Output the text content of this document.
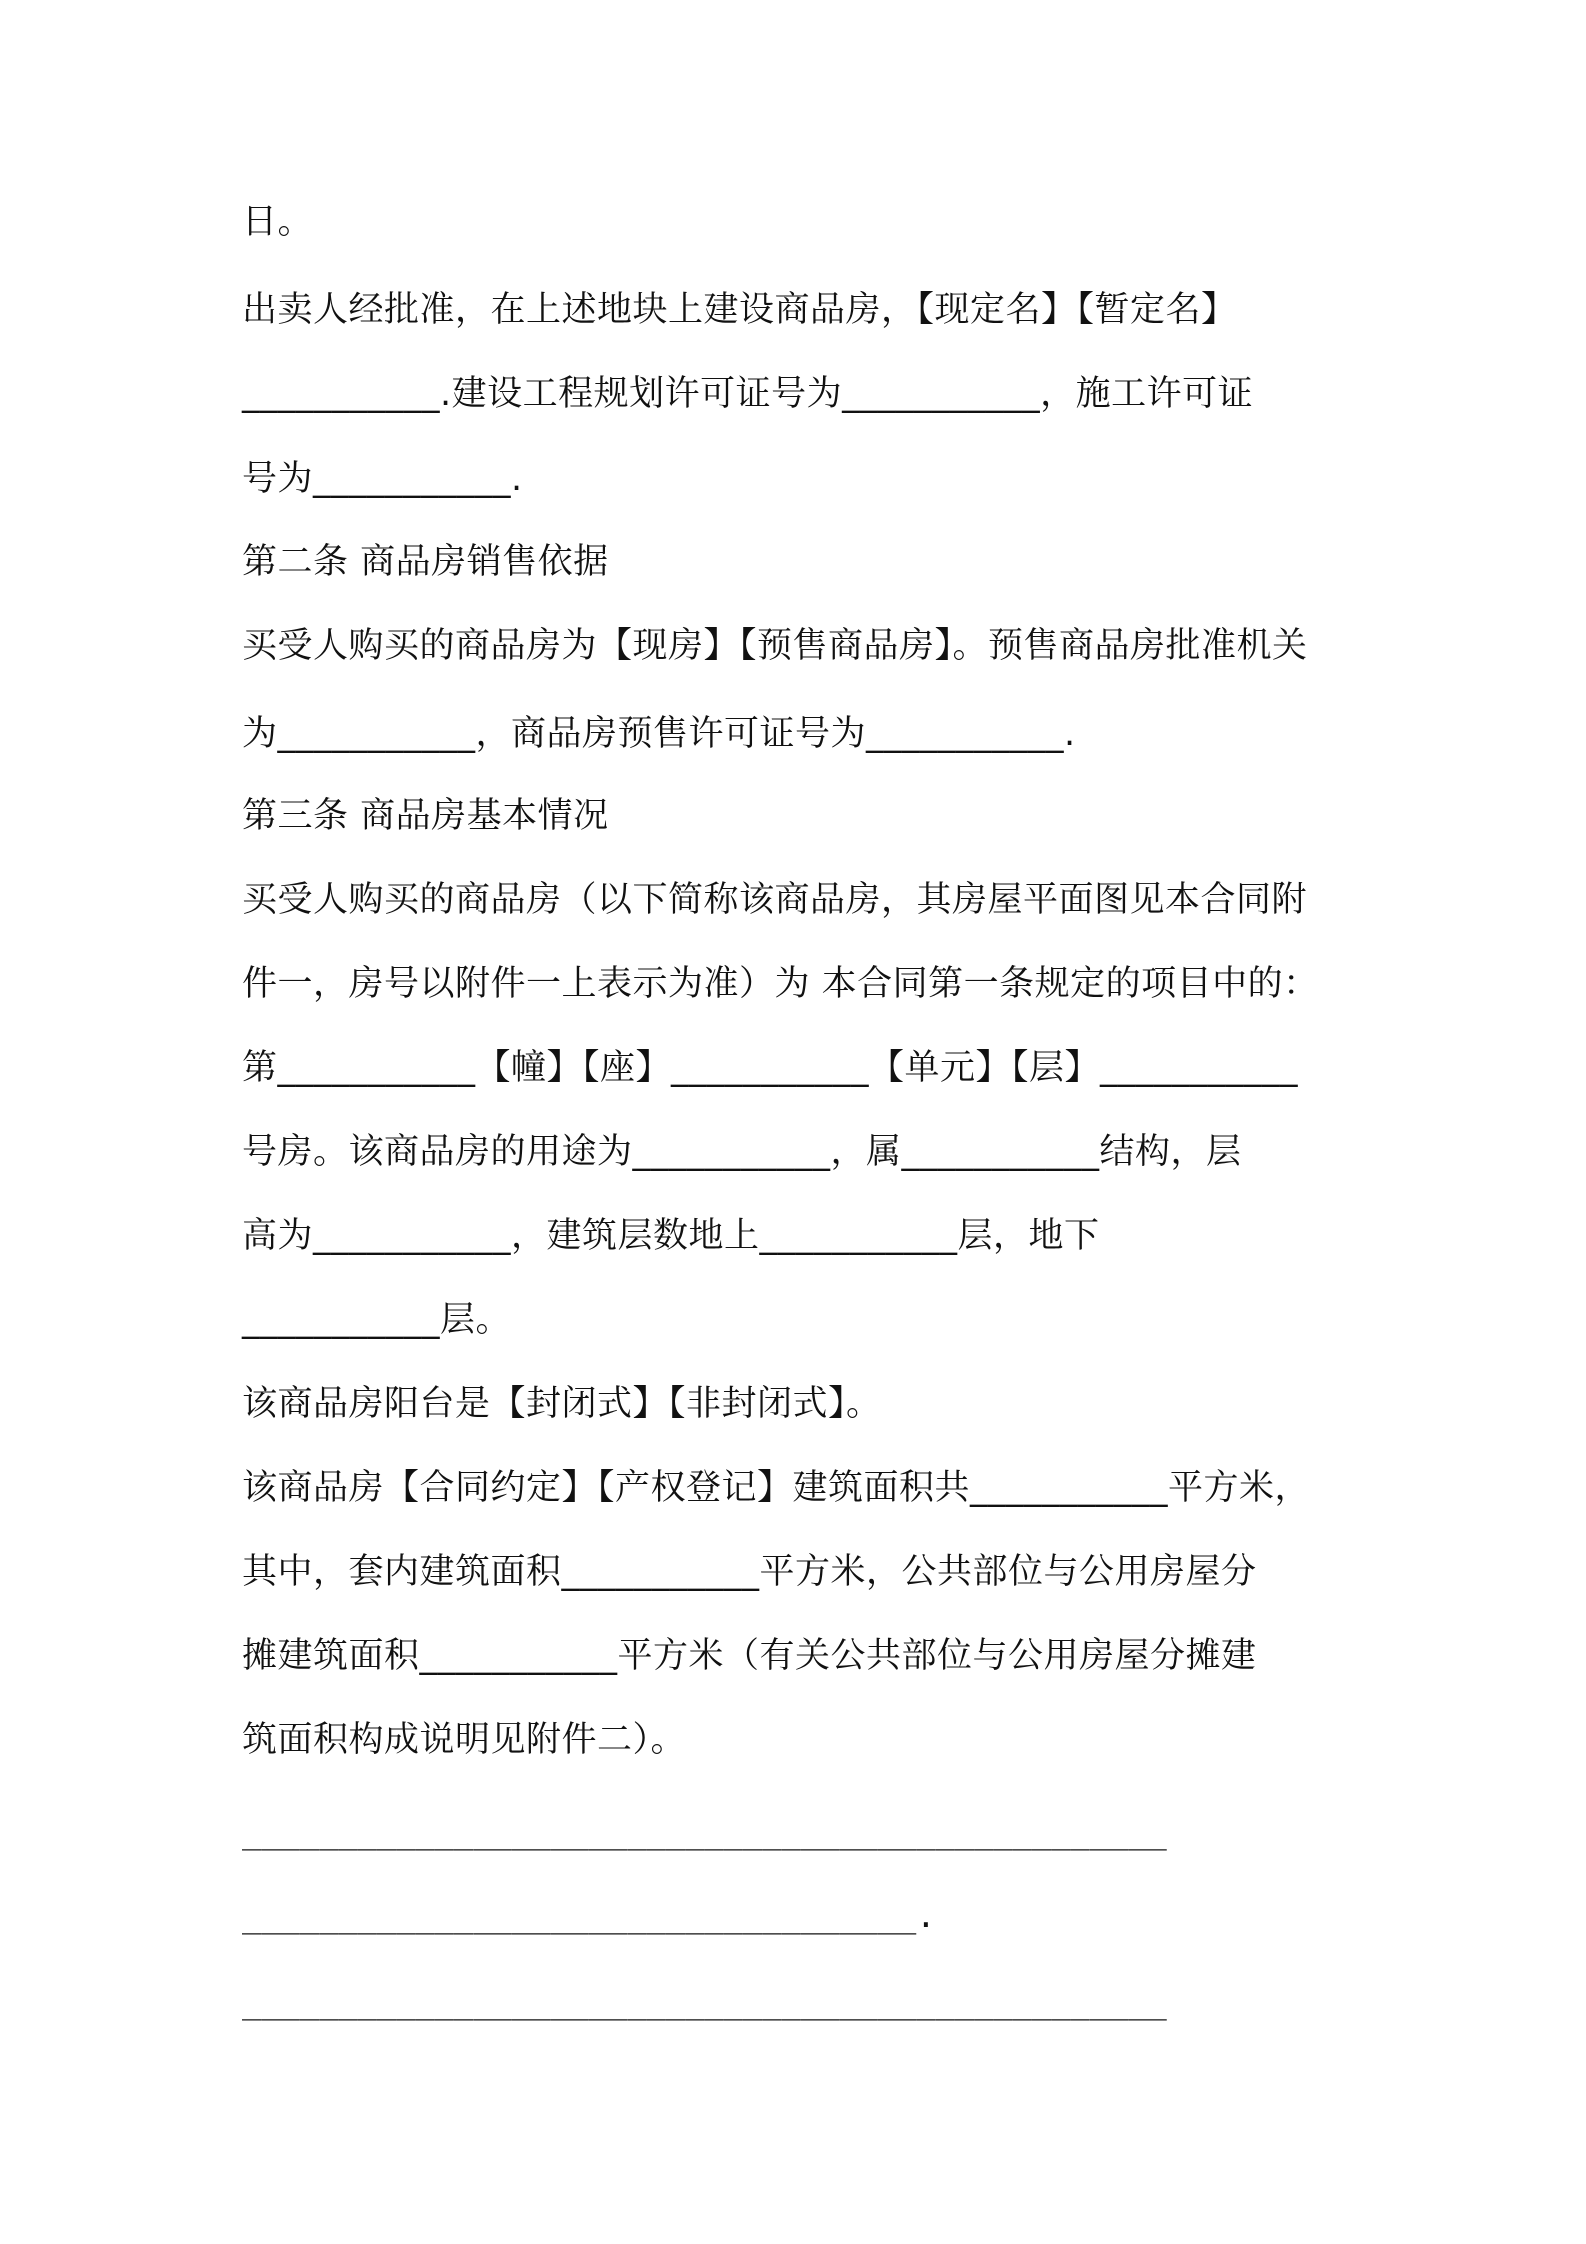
日。
出卖人经批准，在上述地块上建设商品房，【现定名】【暂定名】
___________.建设工程规划许可证号为___________，施工许可证
号为___________.
第二条 商品房销售依据
买受人购买的商品房为【现房】【预售商品房】。预售商品房批准机关
为___________，商品房预售许可证号为___________.
第三条 商品房基本情况
买受人购买的商品房（以下简称该商品房，其房屋平面图见本合同附
件一，房号以附件一上表示为准）为 本合同第一条规定的项目中的：
第___________【幢】【座】___________【单元】【层】___________
号房。该商品房的用途为___________，属___________结构，层
高为___________，建筑层数地上___________层，地下
___________层。
该商品房阳台是【封闭式】【非封闭式】。
该商品房【合同约定】【产权登记】建筑面积共___________平方米，
其中，套内建筑面积___________平方米，公共部位与公用房屋分
摊建筑面积___________平方米（有关公共部位与公用房屋分摊建
筑面积构成说明见附件二）。
________________________________________________
___________________________________.
________________________________________________
